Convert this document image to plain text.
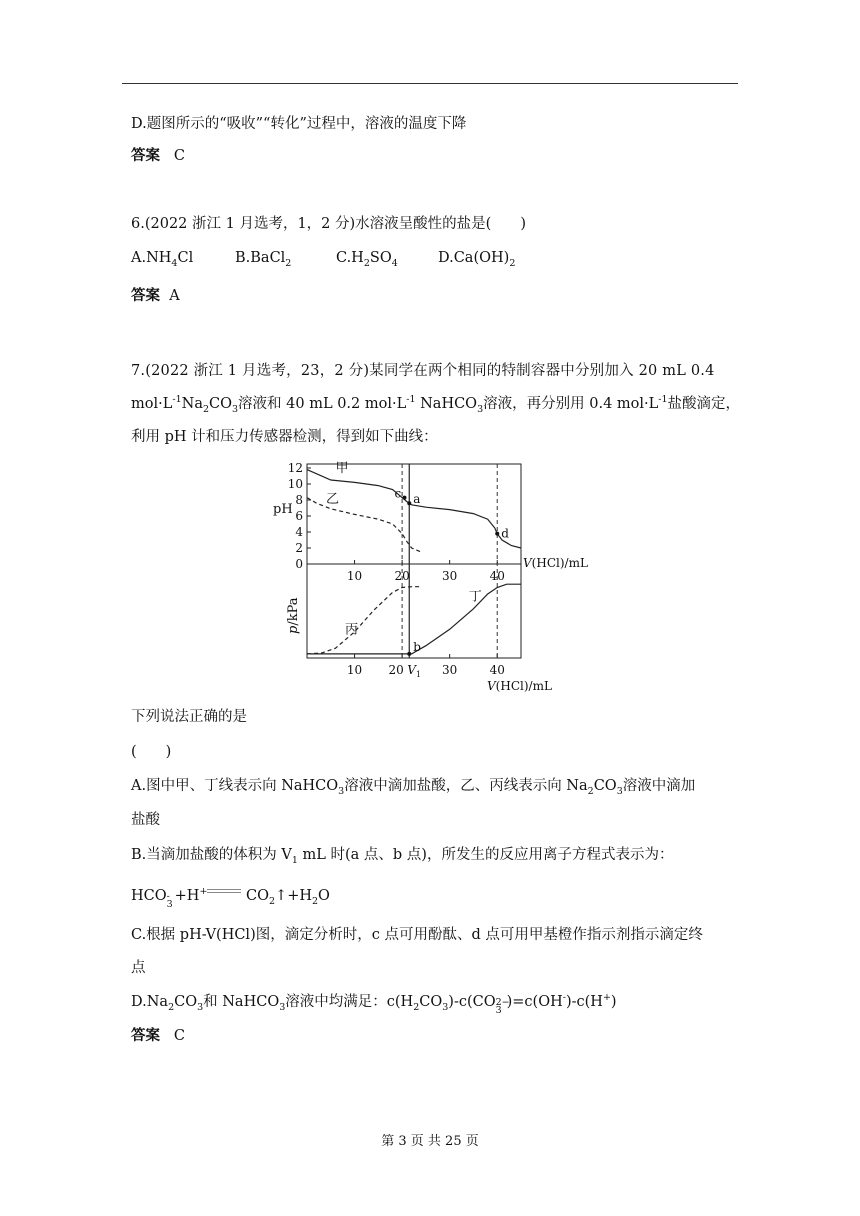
D.题图所示的“吸收”“转化”过程中，溶液的温度下降
答案 C
6.(2022 浙江 1 月选考，1，2 分)水溶液呈酸性的盐是(　　)
$A.NH_4Cl$	B.BaCl$_2$	$C.H_2SO_4$	$D.Ca(OH)_2$
答案 A
7.(2022 浙江 1 月选考，23，2 分)某同学在两个相同的特制容器中分别加入 20 mL 0.4
$mol\cdot L^{-1}Na_2CO_3$溶液和 40 mL 0.2 $mol\cdot L^{-1}$ NaHCO$_3$溶液，再分别用 0.4 $mol\cdot L^{-1}$盐酸滴定，
利用 pH 计和压力传感器检测，得到如下曲线：
0
2
4
6
8
10
12
pH
10	20	30	40
V(HCl)/mL
甲
乙	a
c
d
10 20	30	40
$V_1$
V(HCl)/mL
p/kPa
丙
丁
b
下列说法正确的是
(　　)
A.图中甲、丁线表示向 NaHCO$_3$溶液中滴加盐酸，乙、丙线表示向 $Na_2CO_3$溶液中滴加
盐酸
B.当滴加盐酸的体积为 $V_1$ mL 时(a 点、b 点)，所发生的反应用离子方程式表示为：
HCO -
3
+H+	$CO_2↑+H_2O$
C.根据 pH-V(HCl)图，滴定分析时，c 点可用酚酞、d 点可用甲基橙作指示剂指示滴定终
点
$D.Na_2CO_3$和 NaHCO$_3$溶液中均满足：$c(H_2CO_3)-c(CO$ 2−
3
)=c(OH-)-c(H+)
答案 C
第 3 页 共 25 页
